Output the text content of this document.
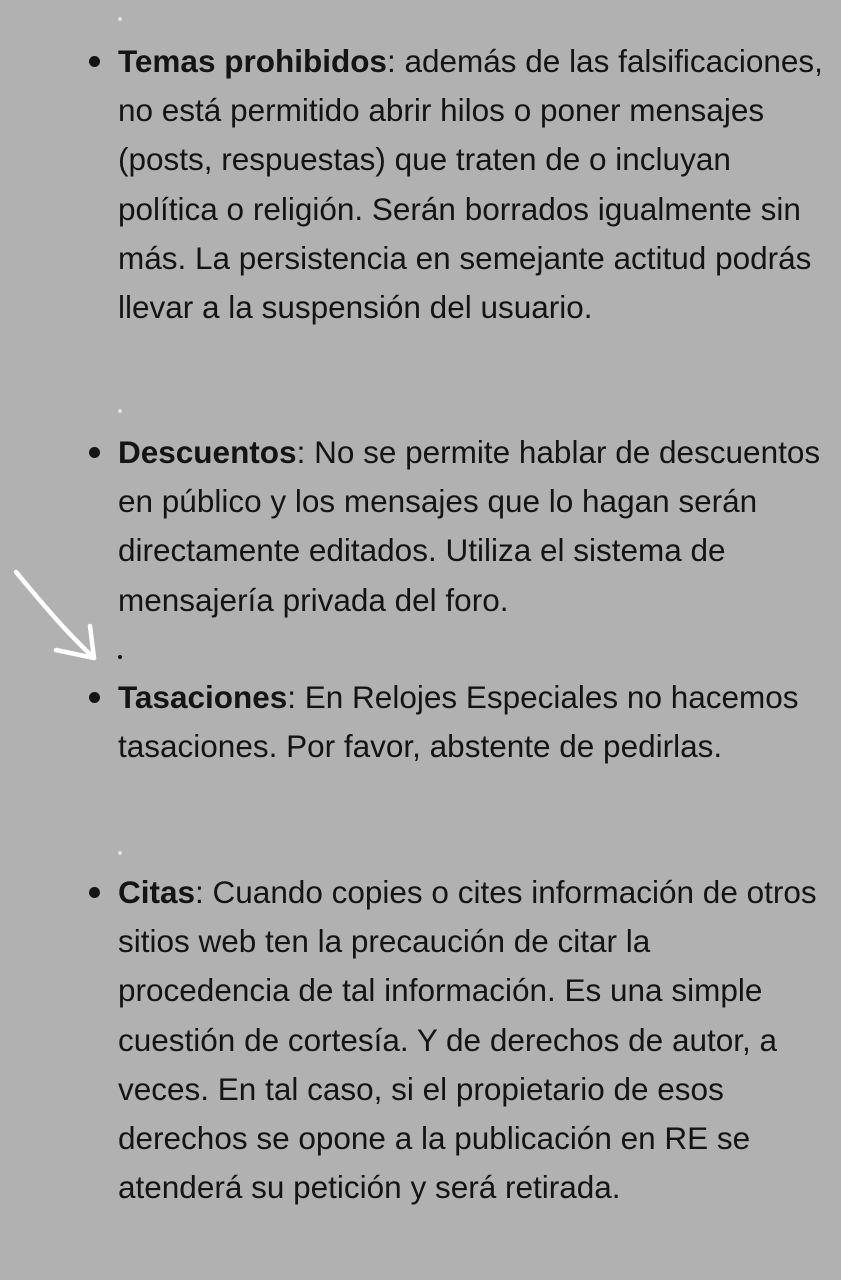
Temas prohibidos: además de las falsificaciones, no está permitido abrir hilos o poner mensajes (posts, respuestas) que traten de o incluyan política o religión. Serán borrados igualmente sin más. La persistencia en semejante actitud podrás llevar a la suspensión del usuario.
Descuentos: No se permite hablar de descuentos en público y los mensajes que lo hagan serán directamente editados. Utiliza el sistema de mensajería privada del foro.
Tasaciones: En Relojes Especiales no hacemos tasaciones. Por favor, abstente de pedirlas.
Citas: Cuando copies o cites información de otros sitios web ten la precaución de citar la procedencia de tal información. Es una simple cuestión de cortesía. Y de derechos de autor, a veces. En tal caso, si el propietario de esos derechos se opone a la publicación en RE se atenderá su petición y será retirada.
